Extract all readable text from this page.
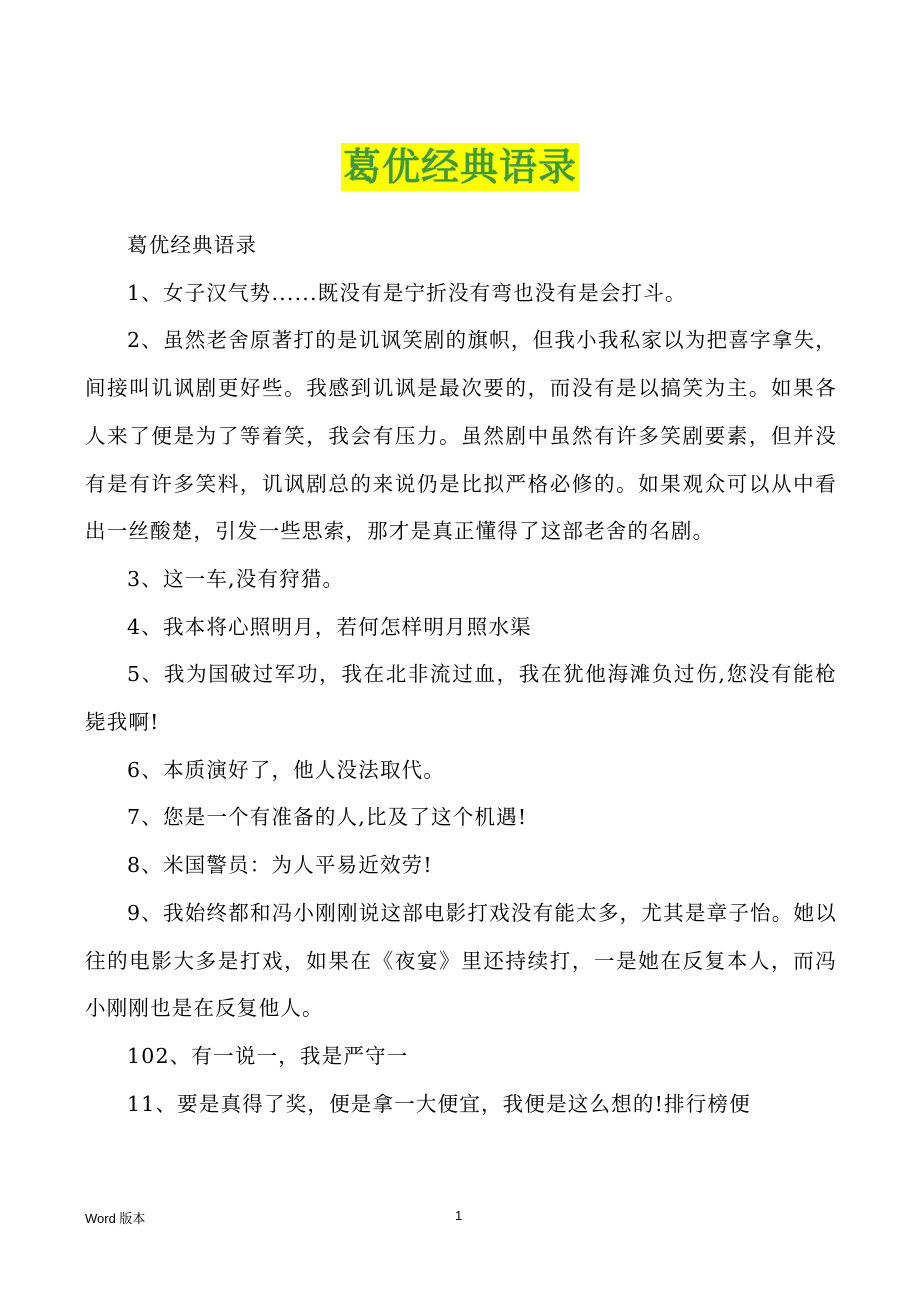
葛优经典语录

葛优经典语录

1、女子汉气势......既没有是宁折没有弯也没有是会打斗。

2、虽然老舍原著打的是讥讽笑剧的旗帜，但我小我私家以为把喜字拿失，间接叫讥讽剧更好些。我感到讥讽是最次要的，而没有是以搞笑为主。如果各人来了便是为了等着笑，我会有压力。虽然剧中虽然有许多笑剧要素，但并没有是有许多笑料，讥讽剧总的来说仍是比拟严格必修的。如果观众可以从中看出一丝酸楚，引发一些思索，那才是真正懂得了这部老舍的名剧。

3、这一车,没有狩猎。

4、我本将心照明月，若何怎样明月照水渠

5、我为国破过军功，我在北非流过血，我在犹他海滩负过伤,您没有能枪毙我啊!

6、本质演好了，他人没法取代。

7、您是一个有准备的人,比及了这个机遇!

8、米国警员：为人平易近效劳!

9、我始终都和冯小刚刚说这部电影打戏没有能太多，尤其是章子怡。她以往的电影大多是打戏，如果在《夜宴》里还持续打，一是她在反复本人，而冯小刚刚也是在反复他人。

102、有一说一，我是严守一

11、要是真得了奖，便是拿一大便宜，我便是这么想的!排行榜便

Word 版本	1
